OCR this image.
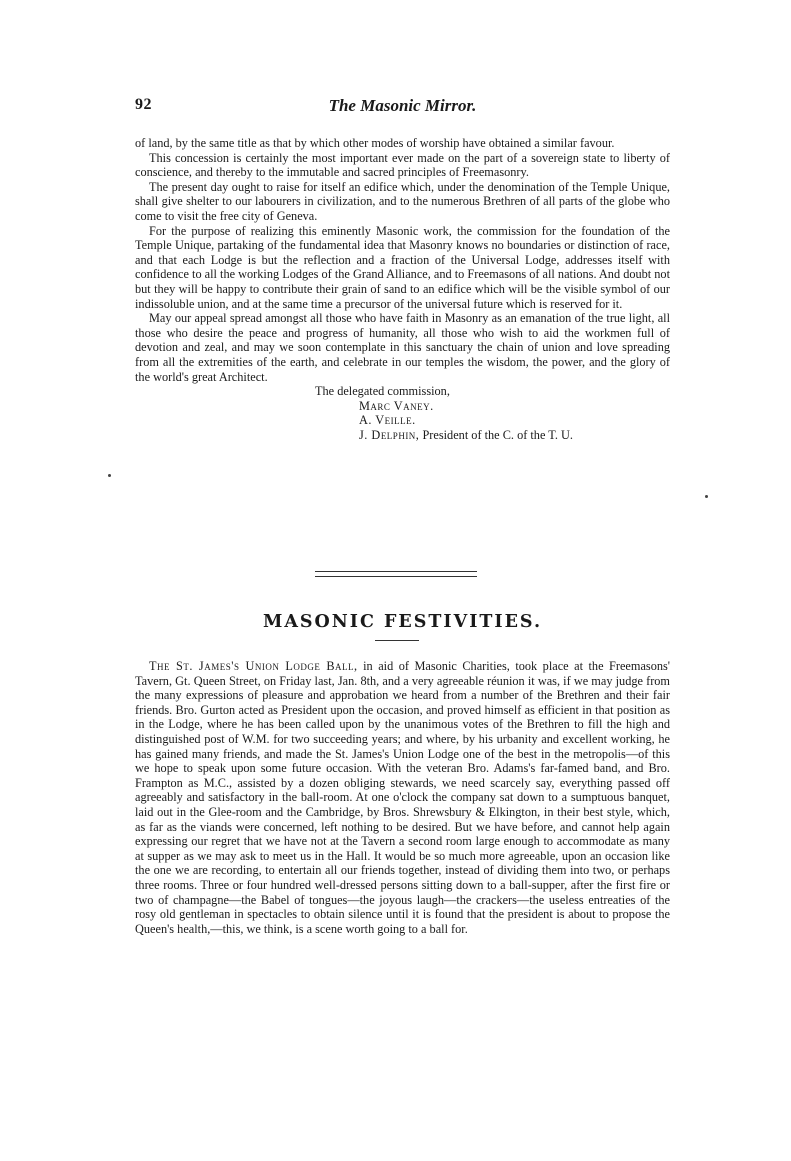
92	The Masonic Mirror.

of land, by the same title as that by which other modes of worship have obtained a similar favour.

This concession is certainly the most important ever made on the part of a sovereign state to liberty of conscience, and thereby to the immutable and sacred principles of Freemasonry.

The present day ought to raise for itself an edifice which, under the denomination of the Temple Unique, shall give shelter to our labourers in civilization, and to the numerous Brethren of all parts of the globe who come to visit the free city of Geneva.

For the purpose of realizing this eminently Masonic work, the commission for the foundation of the Temple Unique, partaking of the fundamental idea that Masonry knows no boundaries or distinction of race, and that each Lodge is but the reflection and a fraction of the Universal Lodge, addresses itself with confidence to all the working Lodges of the Grand Alliance, and to Freemasons of all nations. And doubt not but they will be happy to contribute their grain of sand to an edifice which will be the visible symbol of our indissoluble union, and at the same time a precursor of the universal future which is reserved for it.

May our appeal spread amongst all those who have faith in Masonry as an emanation of the true light, all those who desire the peace and progress of humanity, all those who wish to aid the workmen full of devotion and zeal, and may we soon contemplate in this sanctuary the chain of union and love spreading from all the extremities of the earth, and celebrate in our temples the wisdom, the power, and the glory of the world's great Architect.

The delegated commission,
Marc Vaney.
A. Veille.
J. Delphin, President of the C. of the T. U.
MASONIC FESTIVITIES.

The St. James's Union Lodge Ball, in aid of Masonic Charities, took place at the Freemasons' Tavern, Gt. Queen Street, on Friday last, Jan. 8th, and a very agreeable réunion it was, if we may judge from the many expressions of pleasure and approbation we heard from a number of the Brethren and their fair friends. Bro. Gurton acted as President upon the occasion, and proved himself as efficient in that position as in the Lodge, where he has been called upon by the unanimous votes of the Brethren to fill the high and distinguished post of W.M. for two succeeding years; and where, by his urbanity and excellent working, he has gained many friends, and made the St. James's Union Lodge one of the best in the metropolis—of this we hope to speak upon some future occasion. With the veteran Bro. Adams's far-famed band, and Bro. Frampton as M.C., assisted by a dozen obliging stewards, we need scarcely say, everything passed off agreeably and satisfactory in the ball-room. At one o'clock the company sat down to a sumptuous banquet, laid out in the Glee-room and the Cambridge, by Bros. Shrewsbury & Elkington, in their best style, which, as far as the viands were concerned, left nothing to be desired. But we have before, and cannot help again expressing our regret that we have not at the Tavern a second room large enough to accommodate as many at supper as we may ask to meet us in the Hall. It would be so much more agreeable, upon an occasion like the one we are recording, to entertain all our friends together, instead of dividing them into two, or perhaps three rooms. Three or four hundred well-dressed persons sitting down to a ball-supper, after the first fire or two of champagne—the Babel of tongues—the joyous laugh—the crackers—the useless entreaties of the rosy old gentleman in spectacles to obtain silence until it is found that the president is about to propose the Queen's health,—this, we think, is a scene worth going to a ball for.
